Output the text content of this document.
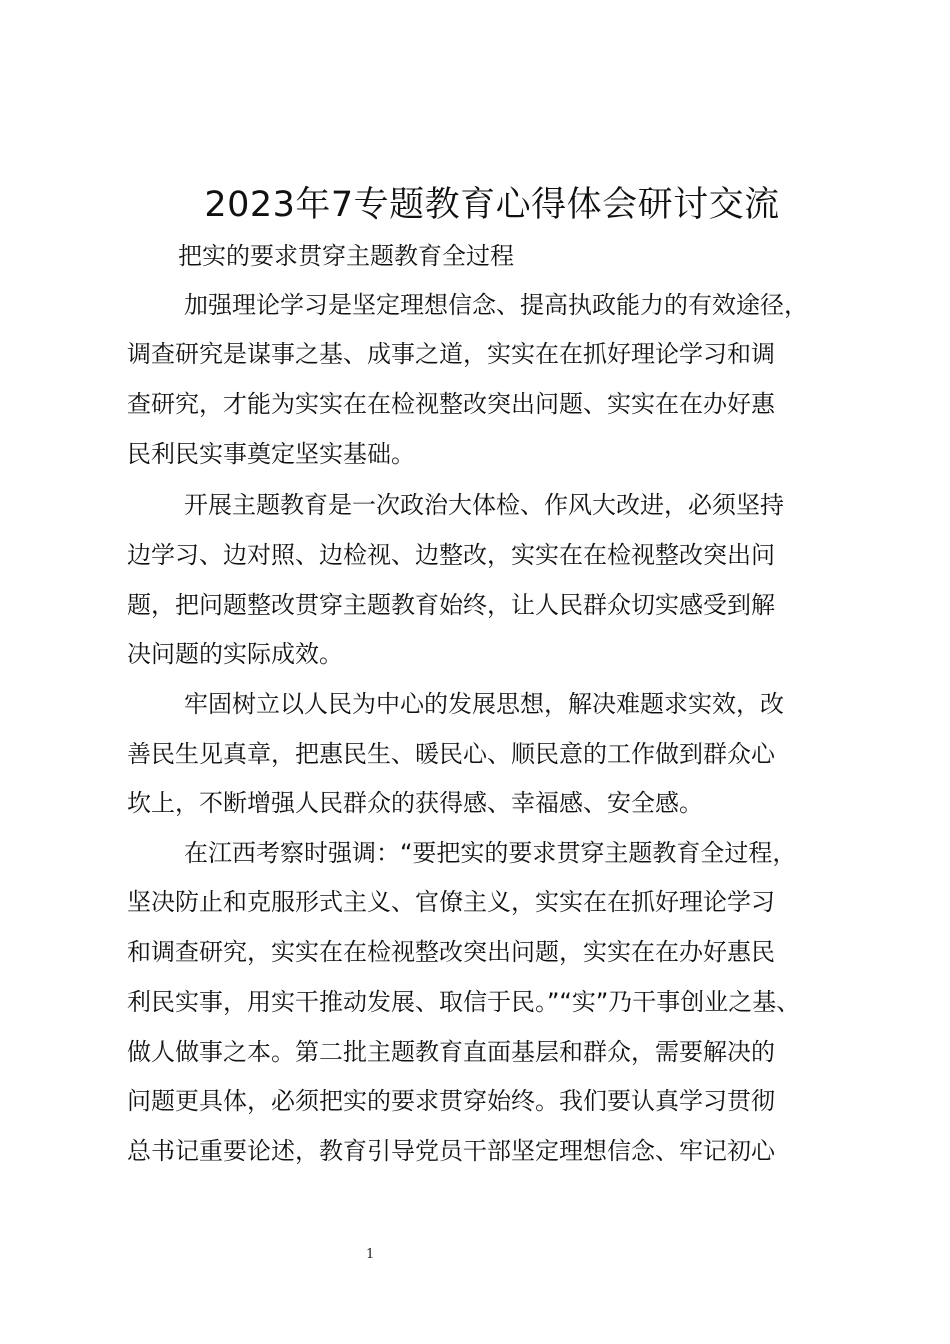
2023年7专题教育心得体会研讨交流
把实的要求贯穿主题教育全过程
加强理论学习是坚定理想信念、提高执政能力的有效途径，
调查研究是谋事之基、成事之道，实实在在抓好理论学习和调
查研究，才能为实实在在检视整改突出问题、实实在在办好惠
民利民实事奠定坚实基础。
开展主题教育是一次政治大体检、作风大改进，必须坚持
边学习、边对照、边检视、边整改，实实在在检视整改突出问
题，把问题整改贯穿主题教育始终，让人民群众切实感受到解
决问题的实际成效。
牢固树立以人民为中心的发展思想，解决难题求实效，改
善民生见真章，把惠民生、暖民心、顺民意的工作做到群众心
坎上，不断增强人民群众的获得感、幸福感、安全感。
在江西考察时强调：“要把实的要求贯穿主题教育全过程，
坚决防止和克服形式主义、官僚主义，实实在在抓好理论学习
和调查研究，实实在在检视整改突出问题，实实在在办好惠民
利民实事，用实干推动发展、取信于民。”“实”乃干事创业之基、
做人做事之本。第二批主题教育直面基层和群众，需要解决的
问题更具体，必须把实的要求贯穿始终。我们要认真学习贯彻
总书记重要论述，教育引导党员干部坚定理想信念、牢记初心
1
